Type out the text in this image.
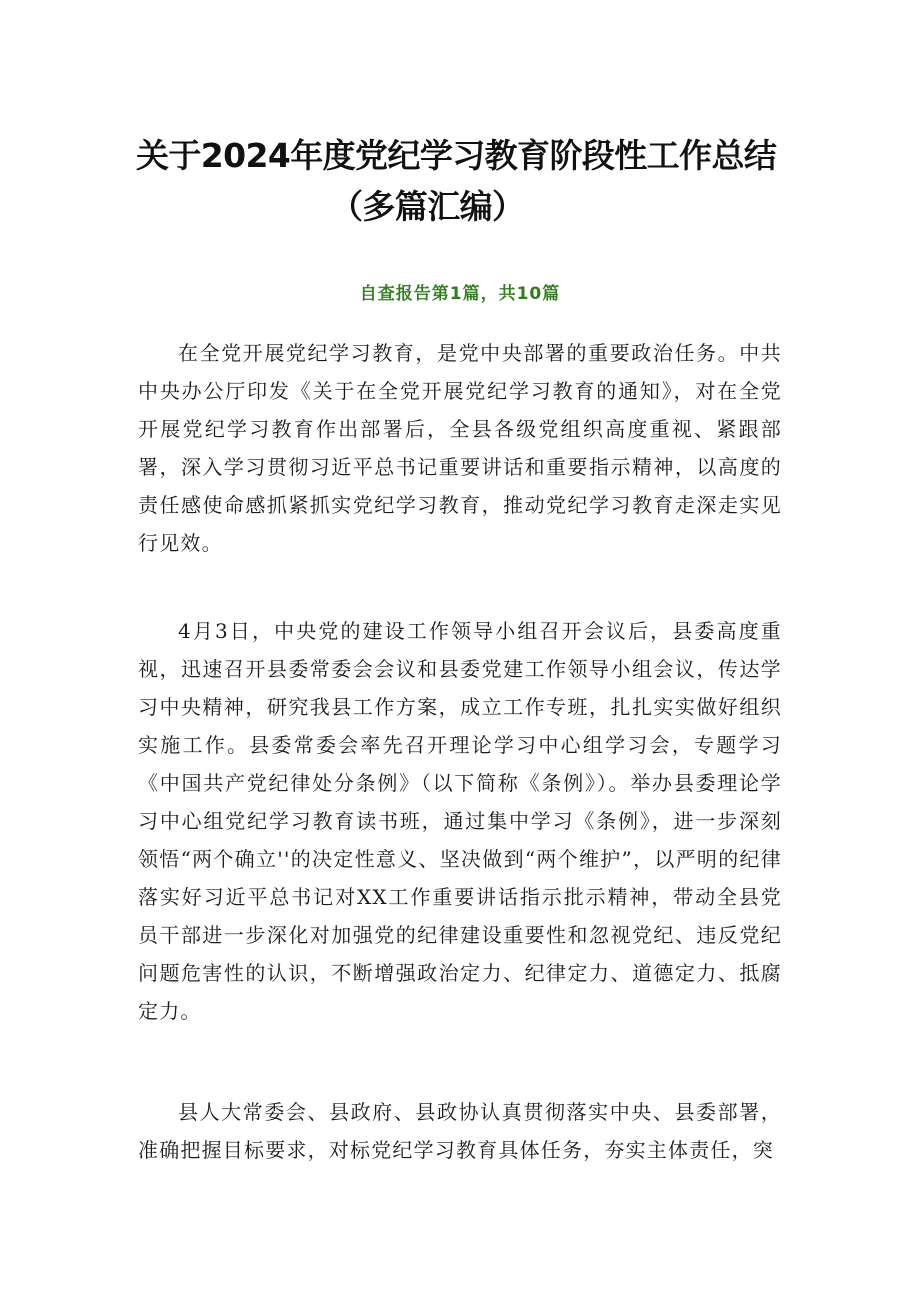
关于2024年度党纪学习教育阶段性工作总结
（多篇汇编）
自查报告第1篇，共10篇

在全党开展党纪学习教育，是党中央部署的重要政治任务。中共中央办公厅印发《关于在全党开展党纪学习教育的通知》，对在全党开展党纪学习教育作出部署后，全县各级党组织高度重视、紧跟部署，深入学习贯彻习近平总书记重要讲话和重要指示精神，以高度的责任感使命感抓紧抓实党纪学习教育，推动党纪学习教育走深走实见行见效。

4月3日，中央党的建设工作领导小组召开会议后，县委高度重视，迅速召开县委常委会会议和县委党建工作领导小组会议，传达学习中央精神，研究我县工作方案，成立工作专班，扎扎实实做好组织实施工作。县委常委会率先召开理论学习中心组学习会，专题学习《中国共产党纪律处分条例》（以下简称《条例》）。举办县委理论学习中心组党纪学习教育读书班，通过集中学习《条例》，进一步深刻领悟“两个确立''的决定性意义、坚决做到“两个维护”，以严明的纪律落实好习近平总书记对XX工作重要讲话指示批示精神，带动全县党员干部进一步深化对加强党的纪律建设重要性和忽视党纪、违反党纪问题危害性的认识，不断增强政治定力、纪律定力、道德定力、抵腐定力。

县人大常委会、县政府、县政协认真贯彻落实中央、县委部署，准确把握目标要求，对标党纪学习教育具体任务，夯实主体责任，突
